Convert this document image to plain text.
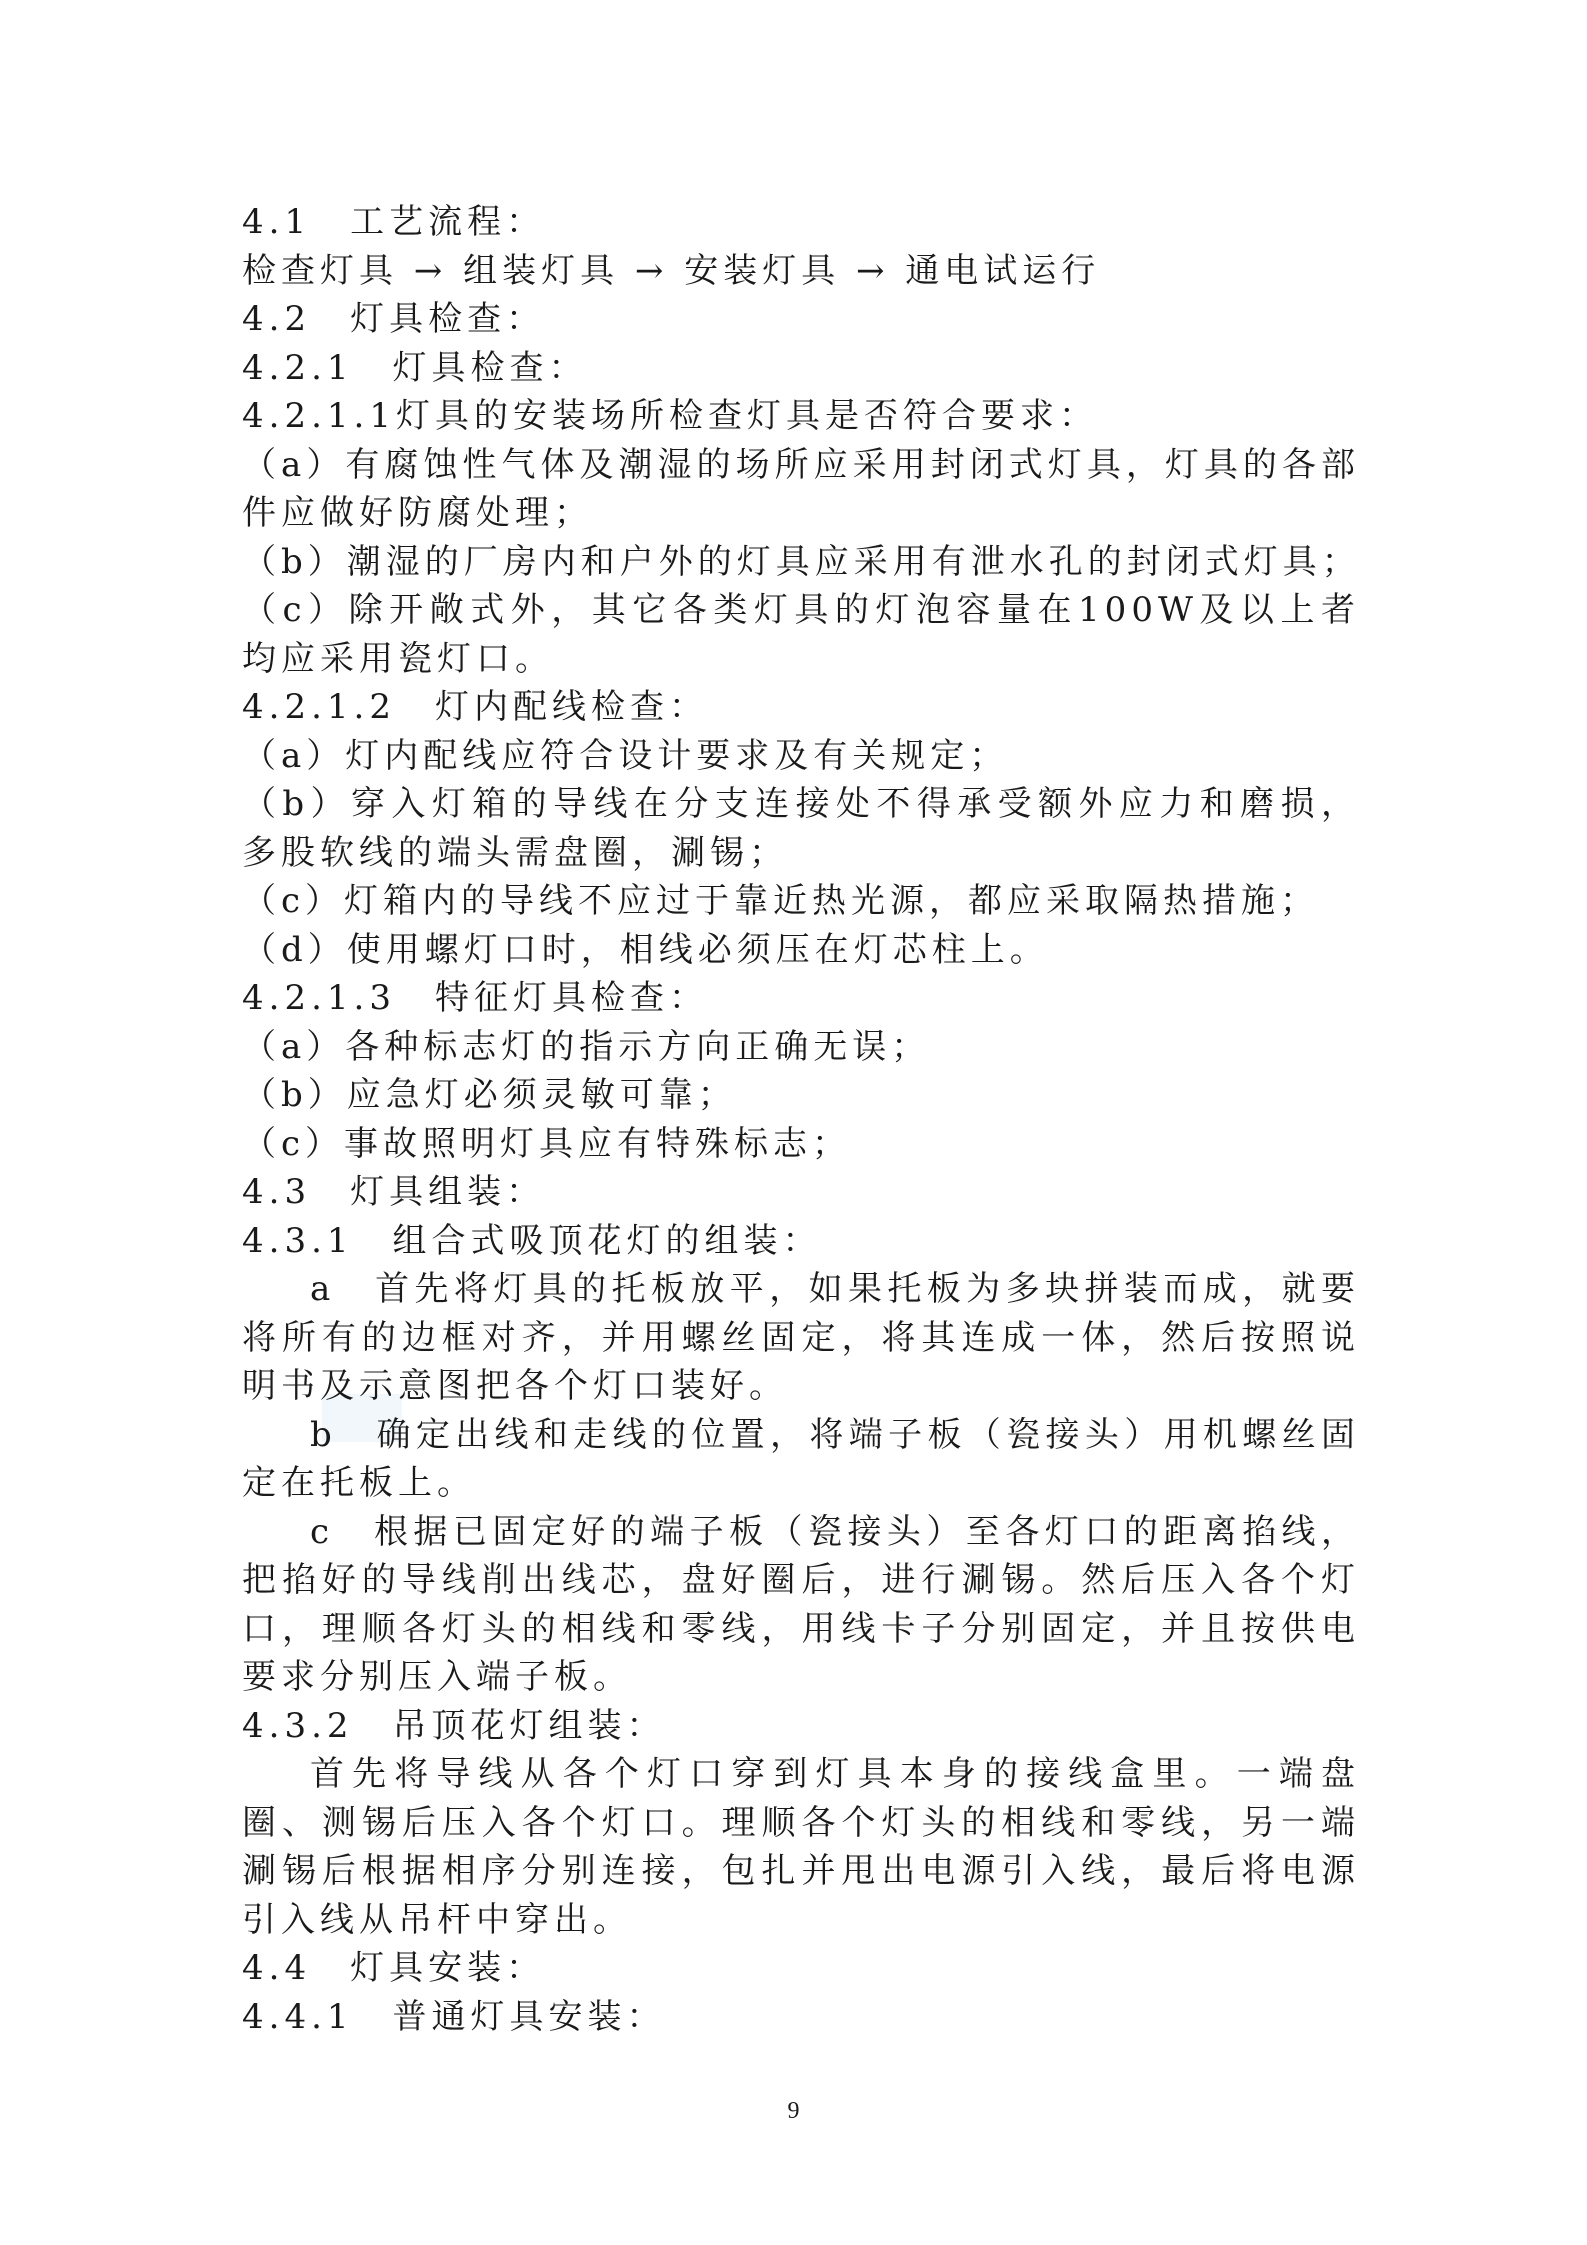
4.1　工艺流程：
检查灯具 → 组装灯具 → 安装灯具 → 通电试运行
4.2　灯具检查：
4.2.1　灯具检查：
4.2.1.1灯具的安装场所检查灯具是否符合要求：

（a）有腐蚀性气体及潮湿的场所应采用封闭式灯具，灯具的各部件应做好防腐处理；

（b）潮湿的厂房内和户外的灯具应采用有泄水孔的封闭式灯具；

（c）除开敞式外，其它各类灯具的灯泡容量在100W及以上者均应采用瓷灯口。

4.2.1.2　灯内配线检查：
（a）灯内配线应符合设计要求及有关规定；

（b）穿入灯箱的导线在分支连接处不得承受额外应力和磨损，多股软线的端头需盘圈，涮锡；

（c）灯箱内的导线不应过于靠近热光源，都应采取隔热措施；
（d）使用螺灯口时，相线必须压在灯芯柱上。
4.2.1.3　特征灯具检查：
（a）各种标志灯的指示方向正确无误；
（b）应急灯必须灵敏可靠；
（c）事故照明灯具应有特殊标志；
4.3　灯具组装：
4.3.1　组合式吸顶花灯的组装：

a　首先将灯具的托板放平，如果托板为多块拼装而成，就要将所有的边框对齐，并用螺丝固定，将其连成一体，然后按照说明书及示意图把各个灯口装好。

b　确定出线和走线的位置，将端子板（瓷接头）用机螺丝固定在托板上。

c　根据已固定好的端子板（瓷接头）至各灯口的距离掐线，把掐好的导线削出线芯，盘好圈后，进行涮锡。然后压入各个灯口，理顺各灯头的相线和零线，用线卡子分别固定，并且按供电要求分别压入端子板。

4.3.2　吊顶花灯组装：

首先将导线从各个灯口穿到灯具本身的接线盒里。一端盘圈、测锡后压入各个灯口。理顺各个灯头的相线和零线，另一端涮锡后根据相序分别连接，包扎并甩出电源引入线，最后将电源引入线从吊杆中穿出。

4.4　灯具安装：
4.4.1　普通灯具安装：
9
